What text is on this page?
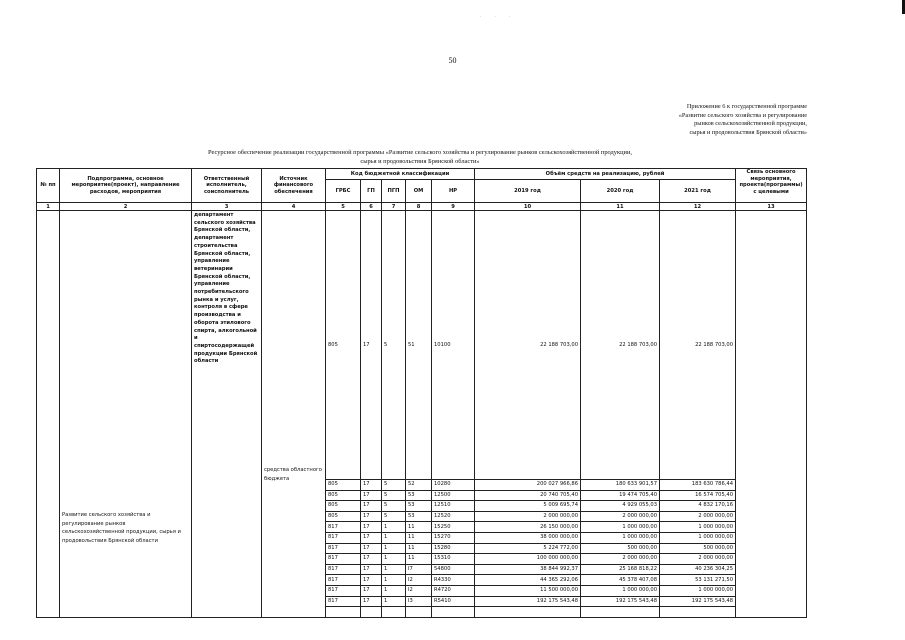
· · ·
50
Приложение 6 к государственной программе
«Развитие сельского хозяйства и регулирование
рынков сельскохозяйственной продукции,
сырья и продовольствия Брянской области»
Ресурсное обеспечение реализации государственной программы «Развитие сельского хозяйства и регулирование рынков сельскохозяйственной продукции,
сырья и продовольствия Брянской области»
№ пп	Подпрограмма, основное мероприятие(проект), направление расходов, мероприятия	Ответственный исполнитель, соисполнитель	Источник финансового обеспечения	Код бюджетной классификации					Объём средств на реализацию, рублей			Связь основного мероприятия, проекта(программы) с целевыми
				ГРБС	ГП	ПГП	ОМ	НР	2019 год	2020 год	2021 год	
1	2	3	4	5	6	7	8	9	10	11	12	13
	Развитие сельского хозяйства и регулирование рынков сельскохозяйственной продукции, сырья и продовольствия Брянской области	департамент сельского хозяйства Брянской области, департамент строительства Брянской области, управление ветеринарии Брянской области, управление потребительского рынка и услуг, контроля в сфере производства и оборота этилового спирта, алкогольной и спиртосодержащей продукции Брянской области	средства областного бюджета	805	17	5	51	10100	22 188 703,00	22 188 703,00	22 188 703,00	
				805	17	5	52	10280	200 027 966,86	180 633 901,57	183 630 786,44	
				805	17	5	53	12500	20 740 705,40	19 474 705,40	16 574 705,40	
				805	17	5	53	12510	5 009 695,74	4 929 055,03	4 832 170,16	
				805	17	5	53	12520	2 000 000,00	2 000 000,00	2 000 000,00	
				817	17	1	11	15250	26 150 000,00	1 000 000,00	1 000 000,00	
				817	17	1	11	15270	38 000 000,00	1 000 000,00	1 000 000,00	
				817	17	1	11	15280	5 224 772,00	500 000,00	500 000,00	
				817	17	1	11	15310	100 000 000,00	2 000 000,00	2 000 000,00	
				817	17	1	I7	54800	38 844 992,37	25 168 818,22	40 236 304,25	
				817	17	1	I2	R4330	44 365 292,06	45 378 407,08	53 131 271,50	
				817	17	1	I2	R4720	11 500 000,00	1 000 000,00	1 000 000,00	
				817	17	1	I3	R5410	192 175 543,48	192 175 543,48	192 175 543,48	
